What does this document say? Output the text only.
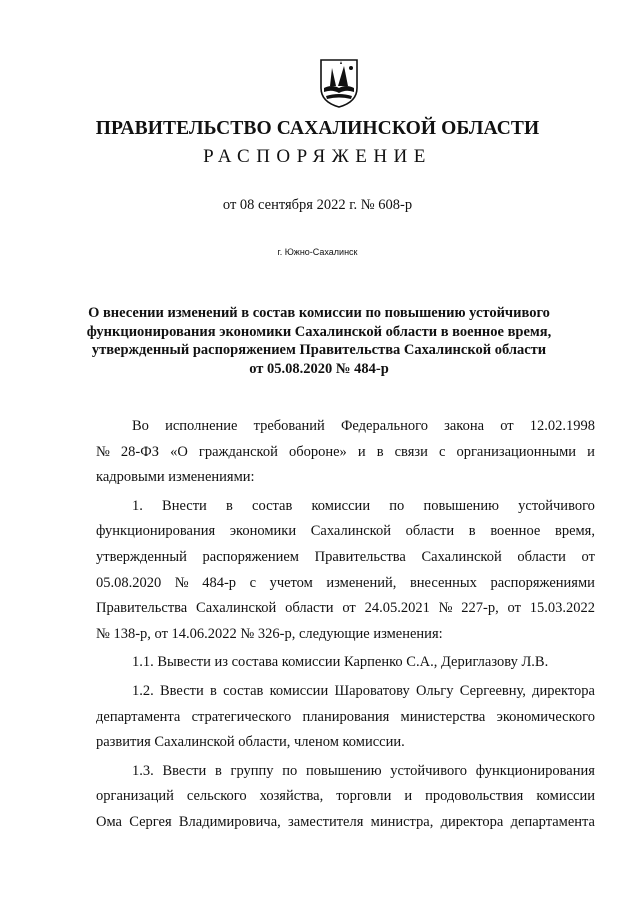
ПРАВИТЕЛЬСТВО САХАЛИНСКОЙ ОБЛАСТИ
РАСПОРЯЖЕНИЕ
от 08 сентября 2022 г. № 608-р
г. Южно-Сахалинск
О внесении изменений в состав комиссии по повышению устойчивого
функционирования экономики Сахалинской области в военное время,
утвержденный распоряжением Правительства Сахалинской области
от 05.08.2020 № 484-р

Во исполнение требований Федерального закона от 12.02.1998
№ 28-ФЗ «О гражданской обороне» и в связи с организационными и
кадровыми изменениями:

1. Внести в состав комиссии по повышению устойчивого
функционирования экономики Сахалинской области в военное время,
утвержденный распоряжением Правительства Сахалинской области от
05.08.2020 № 484-р с учетом изменений, внесенных распоряжениями
Правительства Сахалинской области от 24.05.2021 № 227-р, от 15.03.2022
№ 138-р, от 14.06.2022 № 326-р, следующие изменения:

1.1. Вывести из состава комиссии Карпенко С.А., Дериглазову Л.В.

1.2. Ввести в состав комиссии Шароватову Ольгу Сергеевну, директора
департамента стратегического планирования министерства экономического
развития Сахалинской области, членом комиссии.

1.3. Ввести в группу по повышению устойчивого функционирования
организаций сельского хозяйства, торговли и продовольствия комиссии
Ома Сергея Владимировича, заместителя министра, директора департамента
